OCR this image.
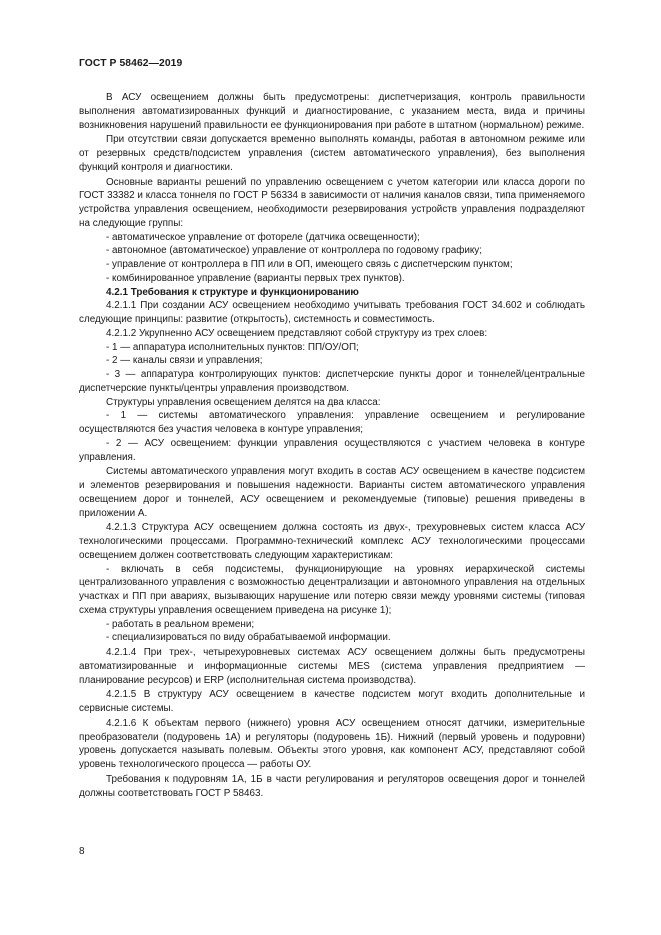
ГОСТ Р 58462—2019

В АСУ освещением должны быть предусмотрены: диспетчеризация, контроль правильности выполнения автоматизированных функций и диагностирование, с указанием места, вида и причины возникновения нарушений правильности ее функционирования при работе в штатном (нормальном) режиме.

При отсутствии связи допускается временно выполнять команды, работая в автономном режиме или от резервных средств/подсистем управления (систем автоматического управления), без выполнения функций контроля и диагностики.

Основные варианты решений по управлению освещением с учетом категории или класса дороги по ГОСТ 33382 и класса тоннеля по ГОСТ Р 56334 в зависимости от наличия каналов связи, типа применяемого устройства управления освещением, необходимости резервирования устройств управления подразделяют на следующие группы:

- автоматическое управление от фотореле (датчика освещенности);

- автономное (автоматическое) управление от контроллера по годовому графику;

- управление от контроллера в ПП или в ОП, имеющего связь с диспетчерским пунктом;

- комбинированное управление (варианты первых трех пунктов).

4.2.1 Требования к структуре и функционированию

4.2.1.1 При создании АСУ освещением необходимо учитывать требования ГОСТ 34.602 и соблюдать следующие принципы: развитие (открытость), системность и совместимость.

4.2.1.2 Укрупненно АСУ освещением представляют собой структуру из трех слоев:

- 1 — аппаратура исполнительных пунктов: ПП/ОУ/ОП;

- 2 — каналы связи и управления;

- 3 — аппаратура контролирующих пунктов: диспетчерские пункты дорог и тоннелей/центральные диспетчерские пункты/центры управления производством.

Структуры управления освещением делятся на два класса:

- 1 — системы автоматического управления: управление освещением и регулирование осуществляются без участия человека в контуре управления;

- 2 — АСУ освещением: функции управления осуществляются с участием человека в контуре управления.

Системы автоматического управления могут входить в состав АСУ освещением в качестве подсистем и элементов резервирования и повышения надежности. Варианты систем автоматического управления освещением дорог и тоннелей, АСУ освещением и рекомендуемые (типовые) решения приведены в приложении А.

4.2.1.3 Структура АСУ освещением должна состоять из двух-, трехуровневых систем класса АСУ технологическими процессами. Программно-технический комплекс АСУ технологическими процессами освещением должен соответствовать следующим характеристикам:

- включать в себя подсистемы, функционирующие на уровнях иерархической системы централизованного управления с возможностью децентрализации и автономного управления на отдельных участках и ПП при авариях, вызывающих нарушение или потерю связи между уровнями системы (типовая схема структуры управления освещением приведена на рисунке 1);

- работать в реальном времени;

- специализироваться по виду обрабатываемой информации.

4.2.1.4 При трех-, четырехуровневых системах АСУ освещением должны быть предусмотрены автоматизированные и информационные системы MES (система управления предприятием — планирование ресурсов) и ERP (исполнительная система производства).

4.2.1.5 В структуру АСУ освещением в качестве подсистем могут входить дополнительные и сервисные системы.

4.2.1.6 К объектам первого (нижнего) уровня АСУ освещением относят датчики, измерительные преобразователи (подуровень 1А) и регуляторы (подуровень 1Б). Нижний (первый уровень и подуровни) уровень допускается называть полевым. Объекты этого уровня, как компонент АСУ, представляют собой уровень технологического процесса — работы ОУ.

Требования к подуровням 1А, 1Б в части регулирования и регуляторов освещения дорог и тоннелей должны соответствовать ГОСТ Р 58463.

8
